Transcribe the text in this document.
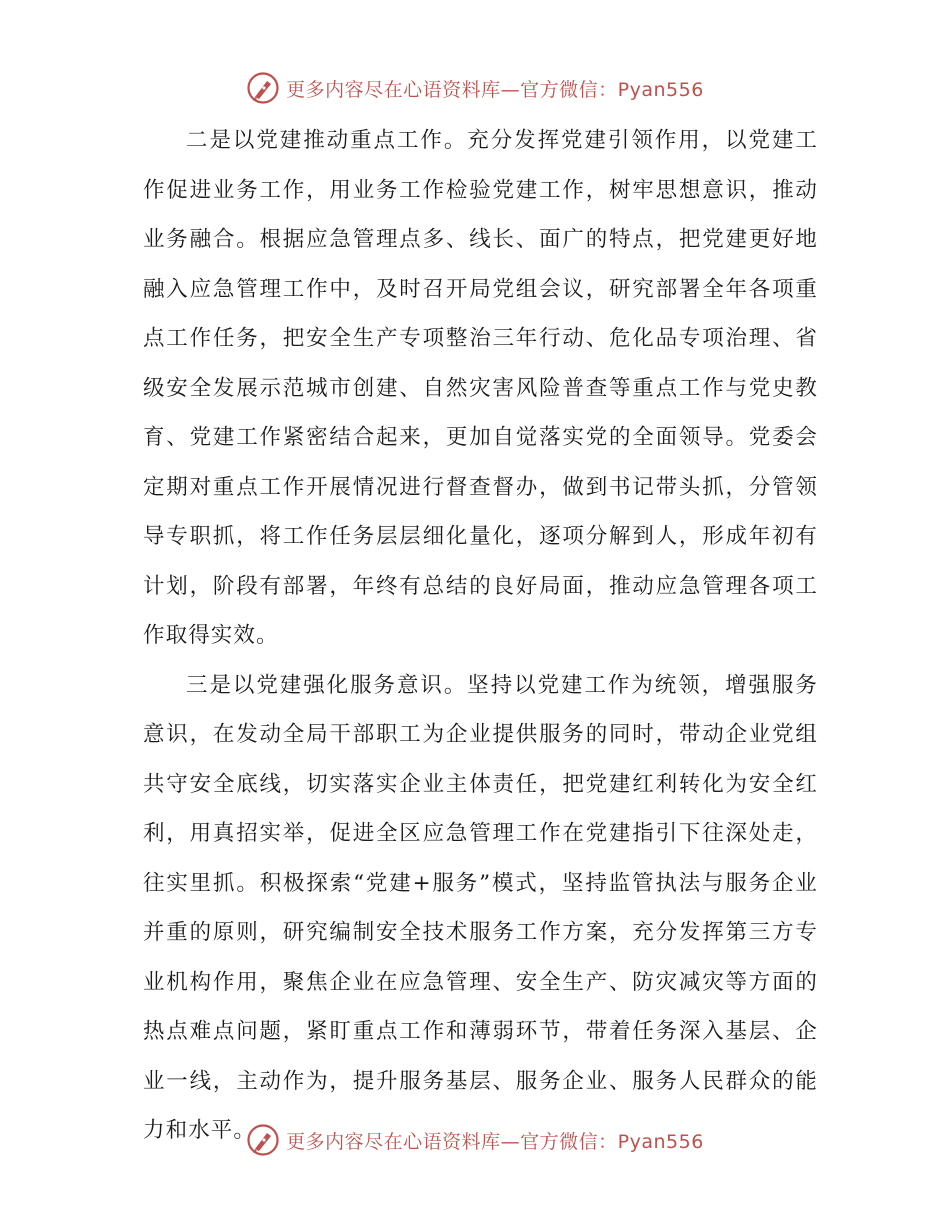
更多内容尽在心语资料库—官方微信：Pyan556

二是以党建推动重点工作。充分发挥党建引领作用，以党建工作促进业务工作，用业务工作检验党建工作，树牢思想意识，推动业务融合。根据应急管理点多、线长、面广的特点，把党建更好地融入应急管理工作中，及时召开局党组会议，研究部署全年各项重点工作任务，把安全生产专项整治三年行动、危化品专项治理、省级安全发展示范城市创建、自然灾害风险普查等重点工作与党史教育、党建工作紧密结合起来，更加自觉落实党的全面领导。党委会定期对重点工作开展情况进行督查督办，做到书记带头抓，分管领导专职抓，将工作任务层层细化量化，逐项分解到人，形成年初有计划，阶段有部署，年终有总结的良好局面，推动应急管理各项工作取得实效。

三是以党建强化服务意识。坚持以党建工作为统领，增强服务意识，在发动全局干部职工为企业提供服务的同时，带动企业党组共守安全底线，切实落实企业主体责任，把党建红利转化为安全红利，用真招实举，促进全区应急管理工作在党建指引下往深处走，往实里抓。积极探索“党建+服务”模式，坚持监管执法与服务企业并重的原则，研究编制安全技术服务工作方案，充分发挥第三方专业机构作用，聚焦企业在应急管理、安全生产、防灾减灾等方面的热点难点问题，紧盯重点工作和薄弱环节，带着任务深入基层、企业一线，主动作为，提升服务基层、服务企业、服务人民群众的能力和水平。	更多内容尽在心语资料库—官方微信：Pyan556
